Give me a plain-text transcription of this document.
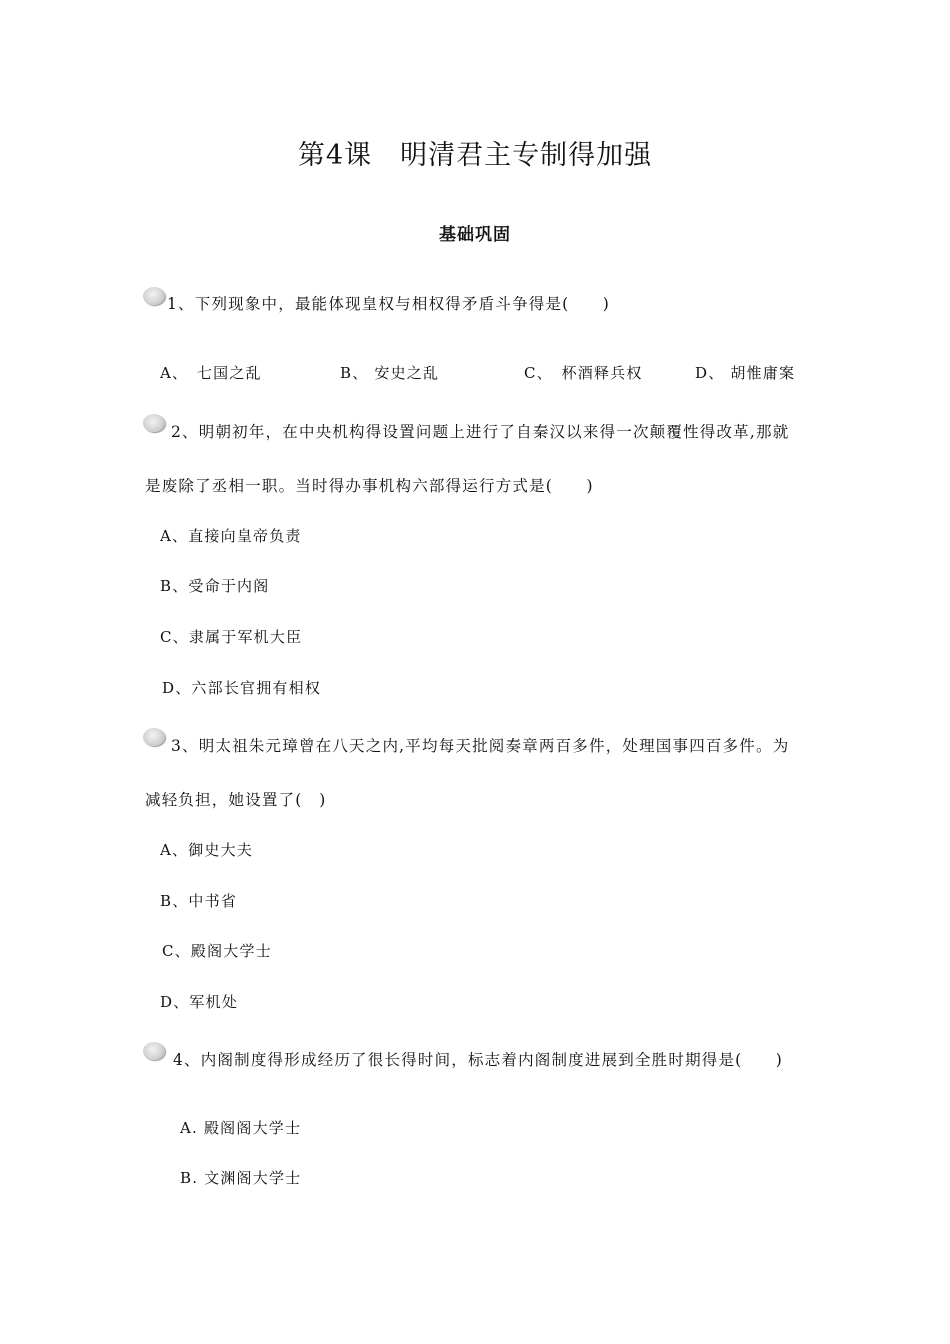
第4课　明清君主专制得加强
基础巩固
1、下列现象中，最能体现皇权与相权得矛盾斗争得是(　　)
A、　七国之乱	B、 安史之乱	C、　杯酒释兵权	D、 胡惟庸案
2、明朝初年，在中央机构得设置问题上进行了自秦汉以来得一次颠覆性得改革,那就
是废除了丞相一职。当时得办事机构六部得运行方式是(　　)
A、直接向皇帝负责
B、受命于内阁
C、隶属于军机大臣
D、六部长官拥有相权
3、明太祖朱元璋曾在八天之内,平均每天批阅奏章两百多件，处理国事四百多件。为
减轻负担，她设置了(　)
A、御史大夫
B、中书省
C、殿阁大学士
D、军机处
4、内阁制度得形成经历了很长得时间，标志着内阁制度进展到全胜时期得是(　　)
A. 殿阁阁大学士
B. 文渊阁大学士
